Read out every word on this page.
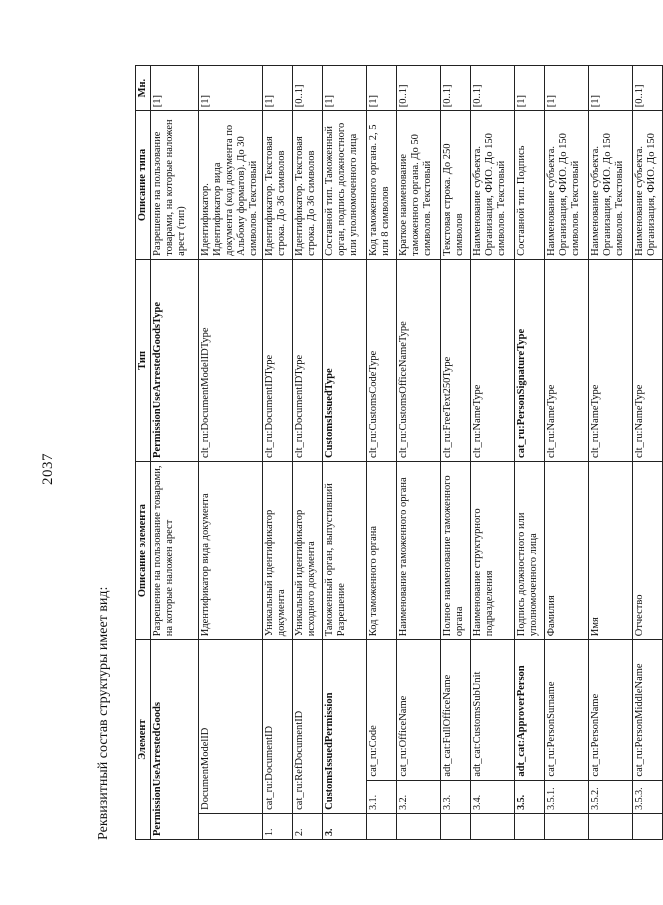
2037
Реквизитный состав структуры имеет вид: Элемент			Описание элемента	Тип	Описание типа	Мн.
PermissionUseArrestedGoods			Разрешение на пользование товарами, на которые наложен арест	PermissionUseArrestedGoodsType	Разрешение на пользование товарами, на которые наложен арест (тип)	[1]
	DocumentModelID		Идентификатор вида документа	clt_ru:DocumentModelIDType	Идентификатор. Идентификатор вида документа (код документа по Альбому форматов). До 30 символов. Текстовый	[1]
1.	cat_ru:DocumentID		Уникальный идентификатор документа	clt_ru:DocumentIDType	Идентификатор. Текстовая строка. До 36 символов	[1]
2.	cat_ru:RefDocumentID		Уникальный идентификатор исходного документа	clt_ru:DocumentIDType	Идентификатор. Текстовая строка. До 36 символов	[0..1]
3.	CustomsIssuedPermission		Таможенный орган, выпустивший Разрешение	CustomsIssuedType	Составной тип. Таможенный орган, подпись должностного или уполномоченного лица	[1]
	3.1.	cat_ru:Code	Код таможенного органа	clt_ru:CustomsCodeType	Код таможенного органа. 2, 5 или 8 символов	[1]
	3.2.	cat_ru:OfficeName	Наименование таможенного органа	clt_ru:CustomsOfficeNameType	Краткое наименование таможенного органа. До 50 символов. Текстовый	[0..1]
	3.3.	adt_cat:FullOfficeName	Полное наименование таможенного органа	clt_ru:FreeText250Type	Текстовая строка. До 250 символов	[0..1]
	3.4.	adt_cat:CustomsSubUnit	Наименование структурного подразделения	clt_ru:NameType	Наименование субъекта. Организация, ФИО. До 150 символов. Текстовый	[0..1]
	3.5.	adt_cat:ApproverPerson	Подпись должностного или уполномоченного лица	cat_ru:PersonSignatureType	Составной тип. Подпись	[1]
	3.5.1.	cat_ru:PersonSurname	Фамилия	clt_ru:NameType	Наименование субъекта. Организация, ФИО. До 150 символов. Текстовый	[1]
	3.5.2.	cat_ru:PersonName	Имя	clt_ru:NameType	Наименование субъекта. Организация, ФИО. До 150 символов. Текстовый	[1]
	3.5.3.	cat_ru:PersonMiddleName	Отчество	clt_ru:NameType	Наименование субъекта. Организация, ФИО. До 150	[0..1]
